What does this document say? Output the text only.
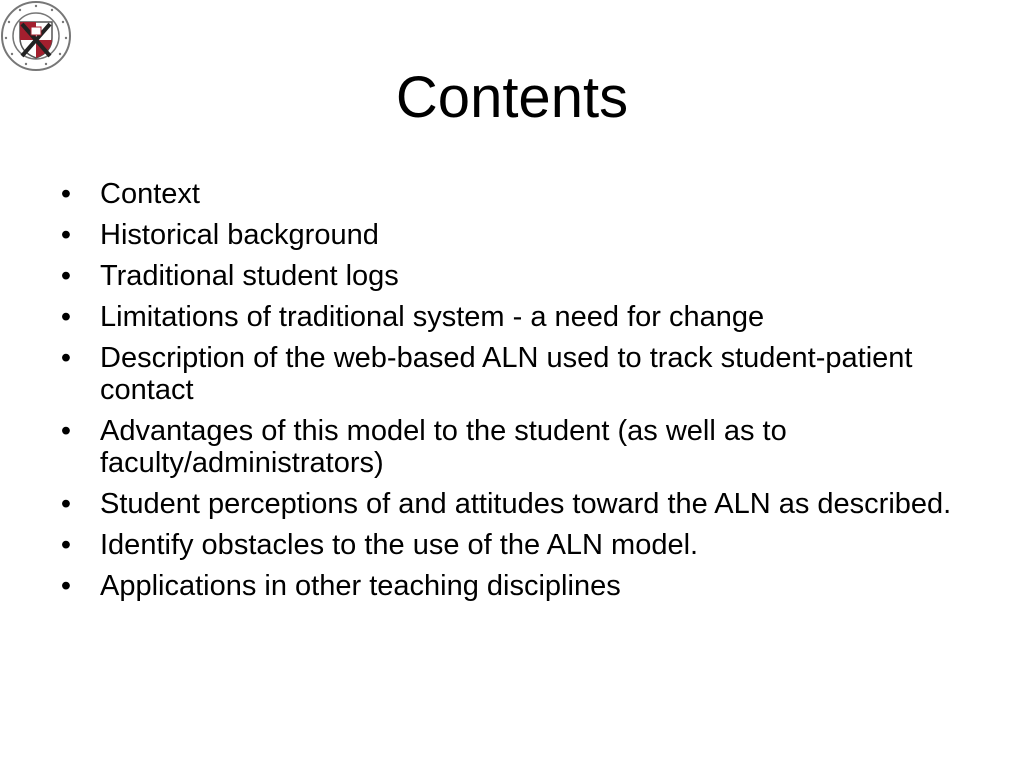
Contents
• Context
• Historical background
• Traditional student logs
• Limitations of traditional system - a need for change
• Description of the web-based ALN used to track student-patient contact
• Advantages of this model to the student (as well as to faculty/administrators)
• Student perceptions of and attitudes toward the ALN as described.
• Identify obstacles to the use of the ALN model.
• Applications in other teaching disciplines
